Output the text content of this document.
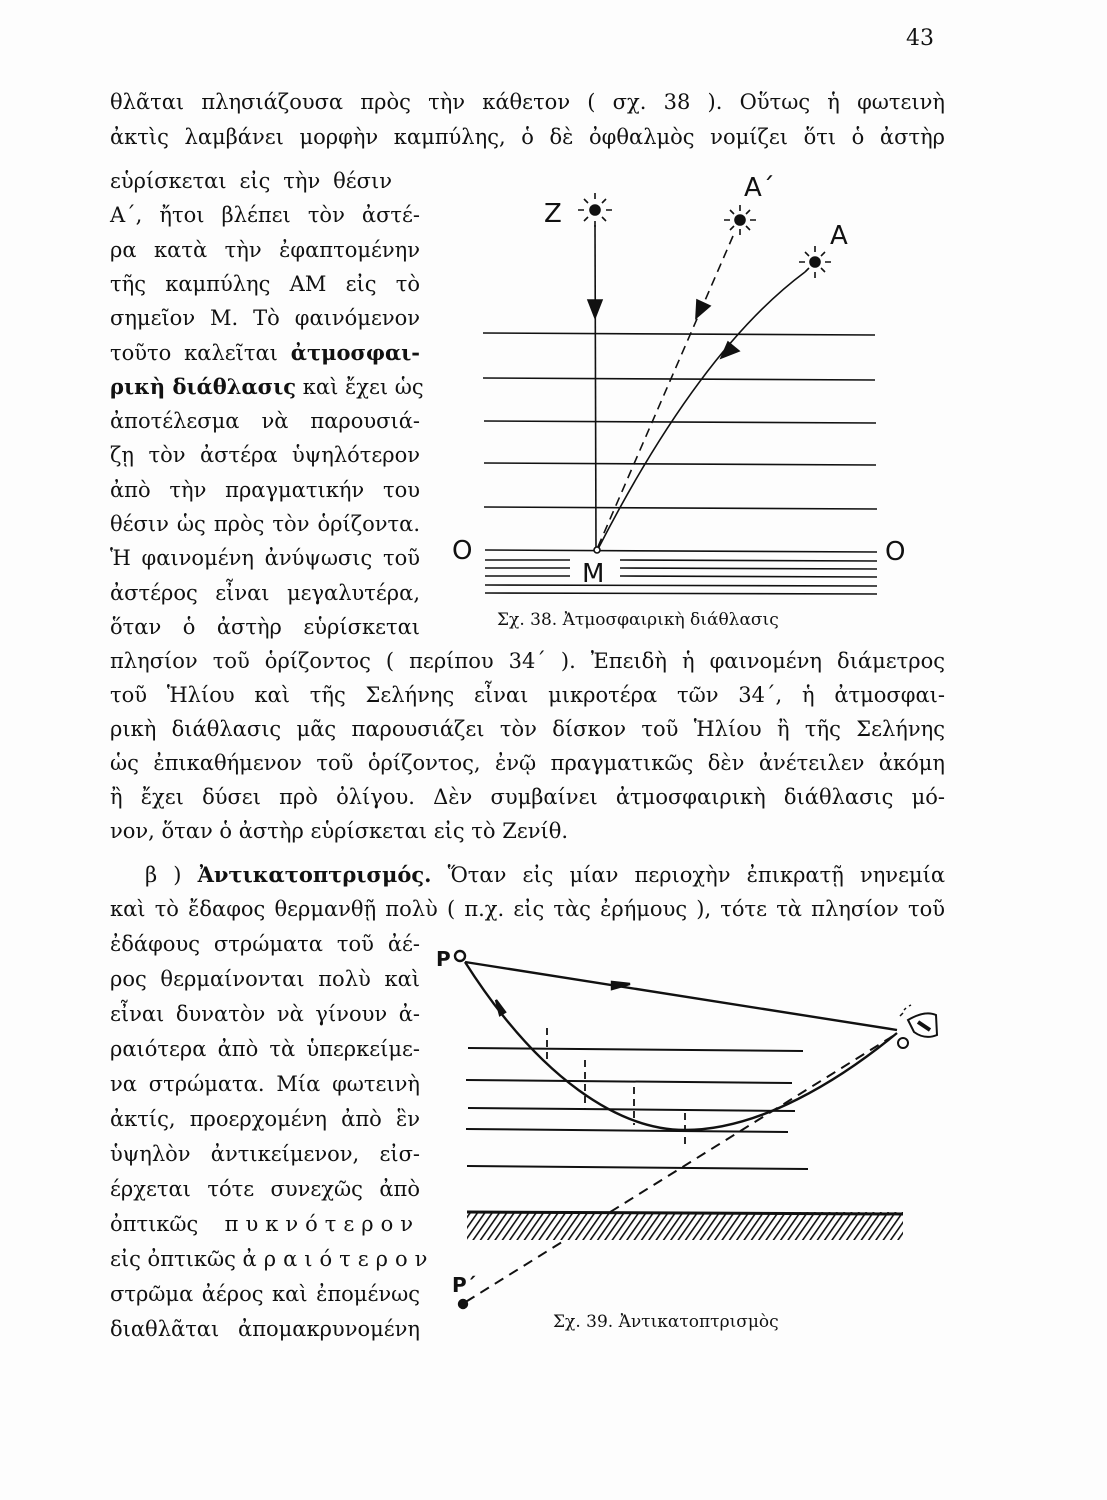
43
θλᾶται πλησιάζουσα πρὸς τὴν κάθετον ( σχ. 38 ). Οὕτως ἡ φωτεινὴ
ἀκτὶς λαμβάνει μορφὴν καμπύλης, ὁ δὲ ὀφθαλμὸς νομίζει ὅτι ὁ ἀστὴρ
εὑρίσκεται εἰς τὴν θέσιν
Α΄, ἤτοι βλέπει τὸν ἀστέ-
ρα κατὰ τὴν ἐφαπτομένην
τῆς καμπύλης ΑΜ εἰς τὸ
σημεῖον Μ. Τὸ φαινόμενον
τοῦτο καλεῖται ἀτμοσφαι-
ρικὴ διάθλασις καὶ ἔχει ὡς
ἀποτέλεσμα νὰ παρουσιά-
ζῃ τὸν ἀστέρα ὑψηλότερον
ἀπὸ τὴν πραγματικήν του
θέσιν ὡς πρὸς τὸν ὁρίζοντα.
Ἡ φαινομένη ἀνύψωσις τοῦ
ἀστέρος εἶναι μεγαλυτέρα,
ὅταν ὁ ἀστὴρ εὑρίσκεται
πλησίον τοῦ ὁρίζοντος ( περίπου 34΄ ). Ἐπειδὴ ἡ φαινομένη διάμετρος
τοῦ Ἡλίου καὶ τῆς Σελήνης εἶναι μικροτέρα τῶν 34΄, ἡ ἀτμοσφαι-
ρικὴ διάθλασις μᾶς παρουσιάζει τὸν δίσκον τοῦ Ἡλίου ἢ τῆς Σελήνης
ὡς ἐπικαθήμενον τοῦ ὁρίζοντος, ἐνῷ πραγματικῶς δὲν ἀνέτειλεν ἀκόμη
ἢ ἔχει δύσει πρὸ ὀλίγου. Δὲν συμβαίνει ἀτμοσφαιρικὴ διάθλασις μό-
νον, ὅταν ὁ ἀστὴρ εὑρίσκεται εἰς τὸ Ζενίθ.
β ) Ἀντικατοπτρισμός. Ὅταν εἰς μίαν περιοχὴν ἐπικρατῇ νηνεμία
καὶ τὸ ἔδαφος θερμανθῇ πολὺ ( π.χ. εἰς τὰς ἐρήμους ), τότε τὰ πλησίον τοῦ
ἐδάφους στρώματα τοῦ ἀέ-
ρος θερμαίνονται πολὺ καὶ
εἶναι δυνατὸν νὰ γίνουν ἀ-
ραιότερα ἀπὸ τὰ ὑπερκείμε-
να στρώματα. Μία φωτεινὴ
ἀκτίς, προερχομένη ἀπὸ ἓν
ὑψηλὸν ἀντικείμενον, εἰσ-
έρχεται τότε συνεχῶς ἀπὸ
ὀπτικῶς πυκνότερον
εἰς ὀπτικῶς ἀραιότερον
στρῶμα ἀέρος καὶ ἐπομένως
διαθλᾶται ἀπομακρυνομένη
Z
A΄
A
M
O	O
P
P΄
Σχ. 38. Ἀτμοσφαιρικὴ διάθλασις
Σχ. 39. Ἀντικατοπτρισμὸς
